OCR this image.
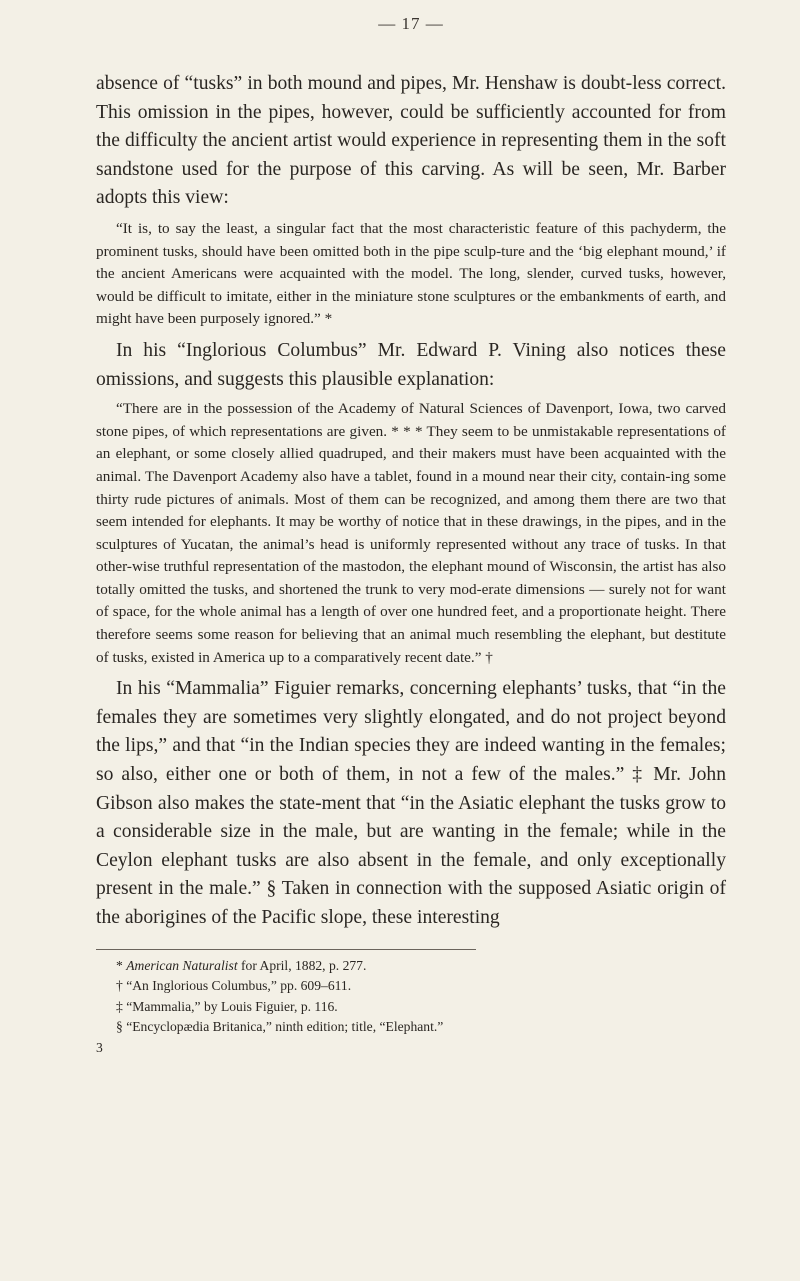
— 17 —

absence of “tusks” in both mound and pipes, Mr. Henshaw is doubt-less correct. This omission in the pipes, however, could be sufficiently accounted for from the difficulty the ancient artist would experience in representing them in the soft sandstone used for the purpose of this carving. As will be seen, Mr. Barber adopts this view:

“It is, to say the least, a singular fact that the most characteristic feature of this pachyderm, the prominent tusks, should have been omitted both in the pipe sculp-ture and the ‘big elephant mound,’ if the ancient Americans were acquainted with the model. The long, slender, curved tusks, however, would be difficult to imitate, either in the miniature stone sculptures or the embankments of earth, and might have been purposely ignored.” *

In his “Inglorious Columbus” Mr. Edward P. Vining also notices these omissions, and suggests this plausible explanation:

“There are in the possession of the Academy of Natural Sciences of Davenport, Iowa, two carved stone pipes, of which representations are given. * * * They seem to be unmistakable representations of an elephant, or some closely allied quadruped, and their makers must have been acquainted with the animal. The Davenport Academy also have a tablet, found in a mound near their city, contain-ing some thirty rude pictures of animals. Most of them can be recognized, and among them there are two that seem intended for elephants. It may be worthy of notice that in these drawings, in the pipes, and in the sculptures of Yucatan, the animal’s head is uniformly represented without any trace of tusks. In that other-wise truthful representation of the mastodon, the elephant mound of Wisconsin, the artist has also totally omitted the tusks, and shortened the trunk to very mod-erate dimensions — surely not for want of space, for the whole animal has a length of over one hundred feet, and a proportionate height. There therefore seems some reason for believing that an animal much resembling the elephant, but destitute of tusks, existed in America up to a comparatively recent date.” †

In his “Mammalia” Figuier remarks, concerning elephants’ tusks, that “in the females they are sometimes very slightly elongated, and do not project beyond the lips,” and that “in the Indian species they are indeed wanting in the females; so also, either one or both of them, in not a few of the males.” ‡ Mr. John Gibson also makes the state-ment that “in the Asiatic elephant the tusks grow to a considerable size in the male, but are wanting in the female; while in the Ceylon elephant tusks are also absent in the female, and only exceptionally present in the male.” § Taken in connection with the supposed Asiatic origin of the aborigines of the Pacific slope, these interesting

* American Naturalist for April, 1882, p. 277.

† “An Inglorious Columbus,” pp. 609–611.

‡ “Mammalia,” by Louis Figuier, p. 116.

§ “Encyclopædia Britanica,” ninth edition; title, “Elephant.”

3
